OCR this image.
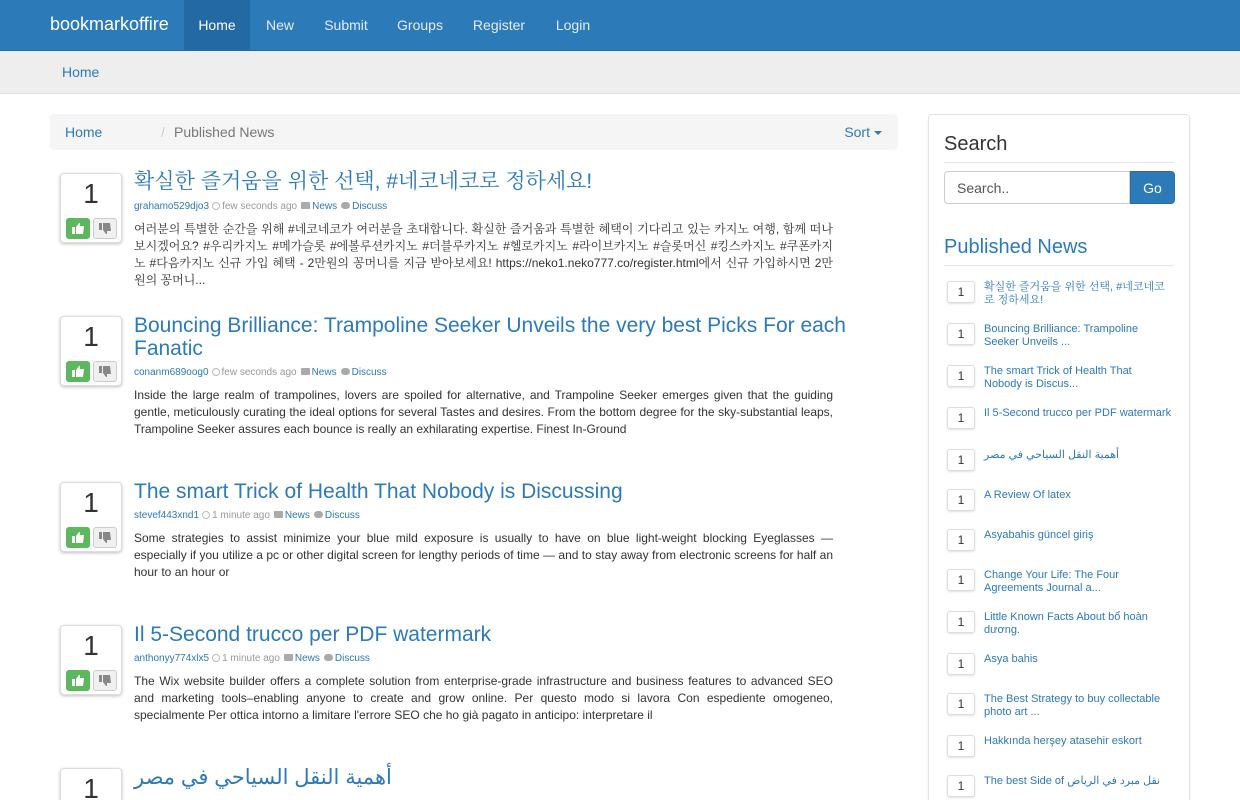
bookmarkoffire	Home	New	Submit	Groups	Register	Login
Home
Home	/ Published News	Sort
1	확실한 즐거움을 위한 선택, #네코네코로 정하세요!
grahamo529djo3 few seconds ago News Discuss
여러분의 특별한 순간을 위해 #네코네코가 여러분을 초대합니다. 확실한 즐거움과 특별한 혜택이 기다리고 있는 카지노 여행, 함께 떠나보시겠어요? #우리카지노 #메가슬롯 #에볼루션카지노 #더블루카지노 #헬로카지노 #라이브카지노 #슬롯머신 #킹스카지노 #쿠폰카지노 #다음카지노 신규 가입 혜택 - 2만원의 꽁머니를 지금 받아보세요! https://neko1.neko777.co/register.html에서 신규 가입하시면 2만원의 꽁머니...
1	Bouncing Brilliance: Trampoline Seeker Unveils the very best Picks For each Fanatic
conanm689oog0 few seconds ago News Discuss
Inside the large realm of trampolines, lovers are spoiled for alternative, and Trampoline Seeker emerges given that the guiding gentle, meticulously curating the ideal options for several Tastes and desires. From the bottom degree for the sky-substantial leaps, Trampoline Seeker assures each bounce is really an exhilarating expertise. Finest In-Ground
1	The smart Trick of Health That Nobody is Discussing
stevef443xnd1 1 minute ago News Discuss
Some strategies to assist minimize your blue mild exposure is usually to have on blue light-weight blocking Eyeglasses — especially if you utilize a pc or other digital screen for lengthy periods of time — and to stay away from electronic screens for half an hour to an hour or
1	Il 5-Second trucco per PDF watermark
anthonyy774xlx5 1 minute ago News Discuss
The Wix website builder offers a complete solution from enterprise-grade infrastructure and business features to advanced SEO and marketing tools–enabling anyone to create and grow online. Per questo modo si lavora Con espediente omogeneo, specialmente Per ottica intorno a limitare l'errore SEO che ho già pagato in anticipo: interpretare il
1	أهمية النقل السياحي في مصر
Search
Search..
Go
Published News
1	확실한 즐거움을 위한 선택, #네코네코로 정하세요!
1	Bouncing Brilliance: Trampoline Seeker Unveils ...
1	The smart Trick of Health That Nobody is Discus...
1	Il 5-Second trucco per PDF watermark
1	أهمية النقل السياحي في مصر
1	A Review Of latex
1	Asyabahis güncel giriş
1	Change Your Life: The Four Agreements Journal a...
1	Little Known Facts About bổ hoàn dương.
1	Asya bahis
1	The Best Strategy to buy collectable photo art ...
1	Hakkında herşey atasehir eskort
1	The best Side of نقل مبرد في الرياض
